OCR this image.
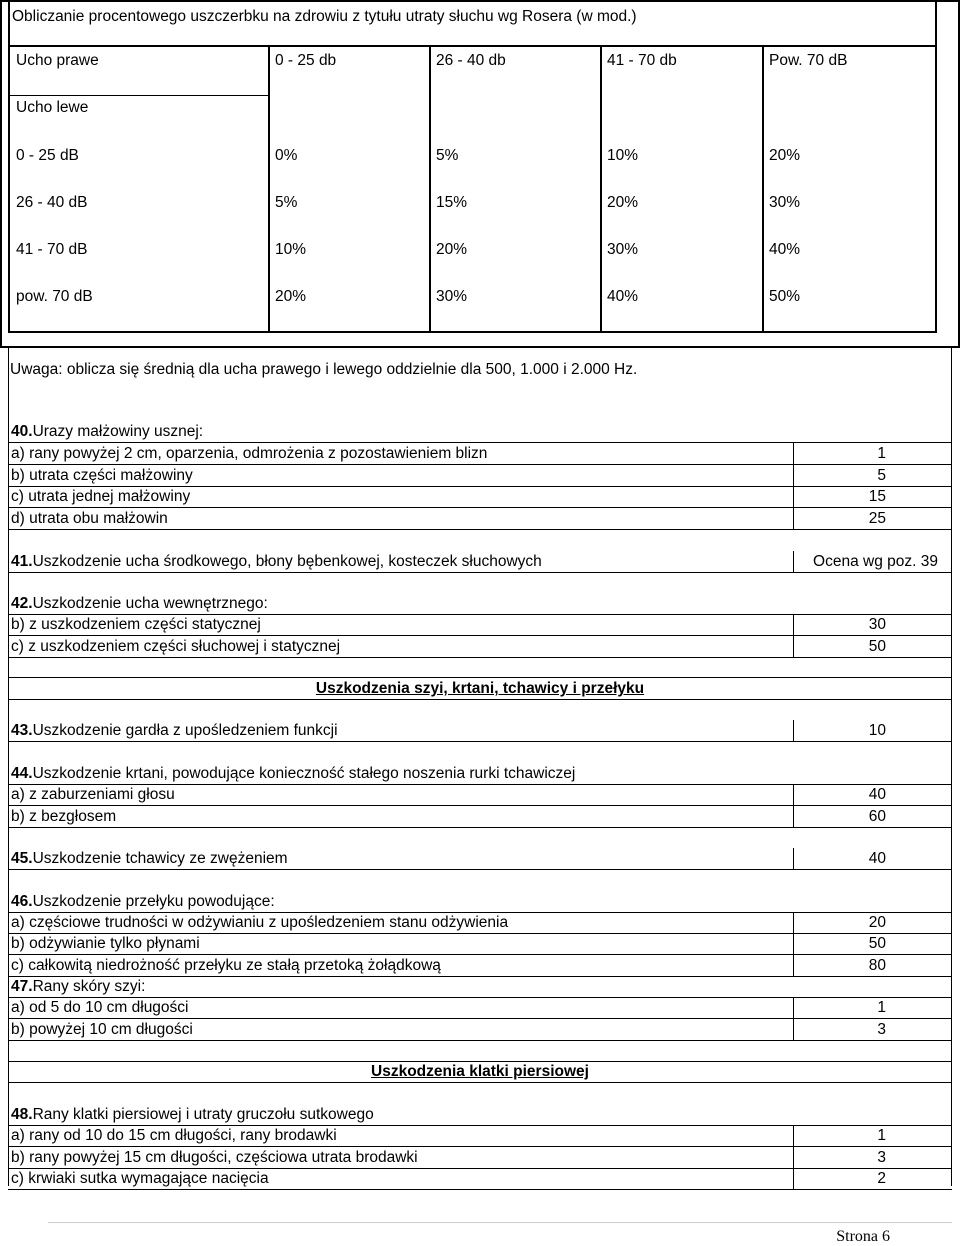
Obliczanie procentowego uszczerbku na zdrowiu z tytułu utraty słuchu wg Rosera (w mod.)
Ucho prawe	0 - 25 db	26 - 40 db	41 - 70 db	Pow. 70 dB
Ucho lewe
0 - 25 dB	0%	5%	10%	20%
26 - 40 dB	5%	15%	20%	30%
41 - 70 dB	10%	20%	30%	40%
pow. 70 dB	20%	30%	40%	50%
Uwaga: oblicza się średnią dla ucha prawego i lewego oddzielnie dla 500, 1.000 i 2.000 Hz.
40.Urazy małżowiny usznej:
a) rany powyżej 2 cm, oparzenia, odmrożenia z pozostawieniem blizn	1
b) utrata części małżowiny	5
c) utrata jednej małżowiny	15
d) utrata obu małżowin	25
41.Uszkodzenie ucha środkowego, błony bębenkowej, kosteczek słuchowych	Ocena wg poz. 39
42.Uszkodzenie ucha wewnętrznego:
b) z uszkodzeniem części statycznej	30
c) z uszkodzeniem części słuchowej i statycznej	50
Uszkodzenia szyi, krtani, tchawicy i przełyku
43.Uszkodzenie gardła z upośledzeniem funkcji	10
44.Uszkodzenie krtani, powodujące konieczność stałego noszenia rurki tchawiczej
a) z zaburzeniami głosu	40
b) z bezgłosem	60
45.Uszkodzenie tchawicy ze zwężeniem	40
46.Uszkodzenie przełyku powodujące:
a) częściowe trudności w odżywianiu z upośledzeniem stanu odżywienia	20
b) odżywianie tylko płynami	50
c) całkowitą niedrożność przełyku ze stałą przetoką żołądkową	80
47.Rany skóry szyi:
a) od 5 do 10 cm długości	1
b) powyżej 10 cm długości	3
Uszkodzenia klatki piersiowej
48.Rany klatki piersiowej i utraty gruczołu sutkowego
a) rany od 10 do 15 cm długości, rany brodawki	1
b) rany powyżej 15 cm długości, częściowa utrata brodawki	3
c) krwiaki sutka wymagające nacięcia	2
Strona 6
